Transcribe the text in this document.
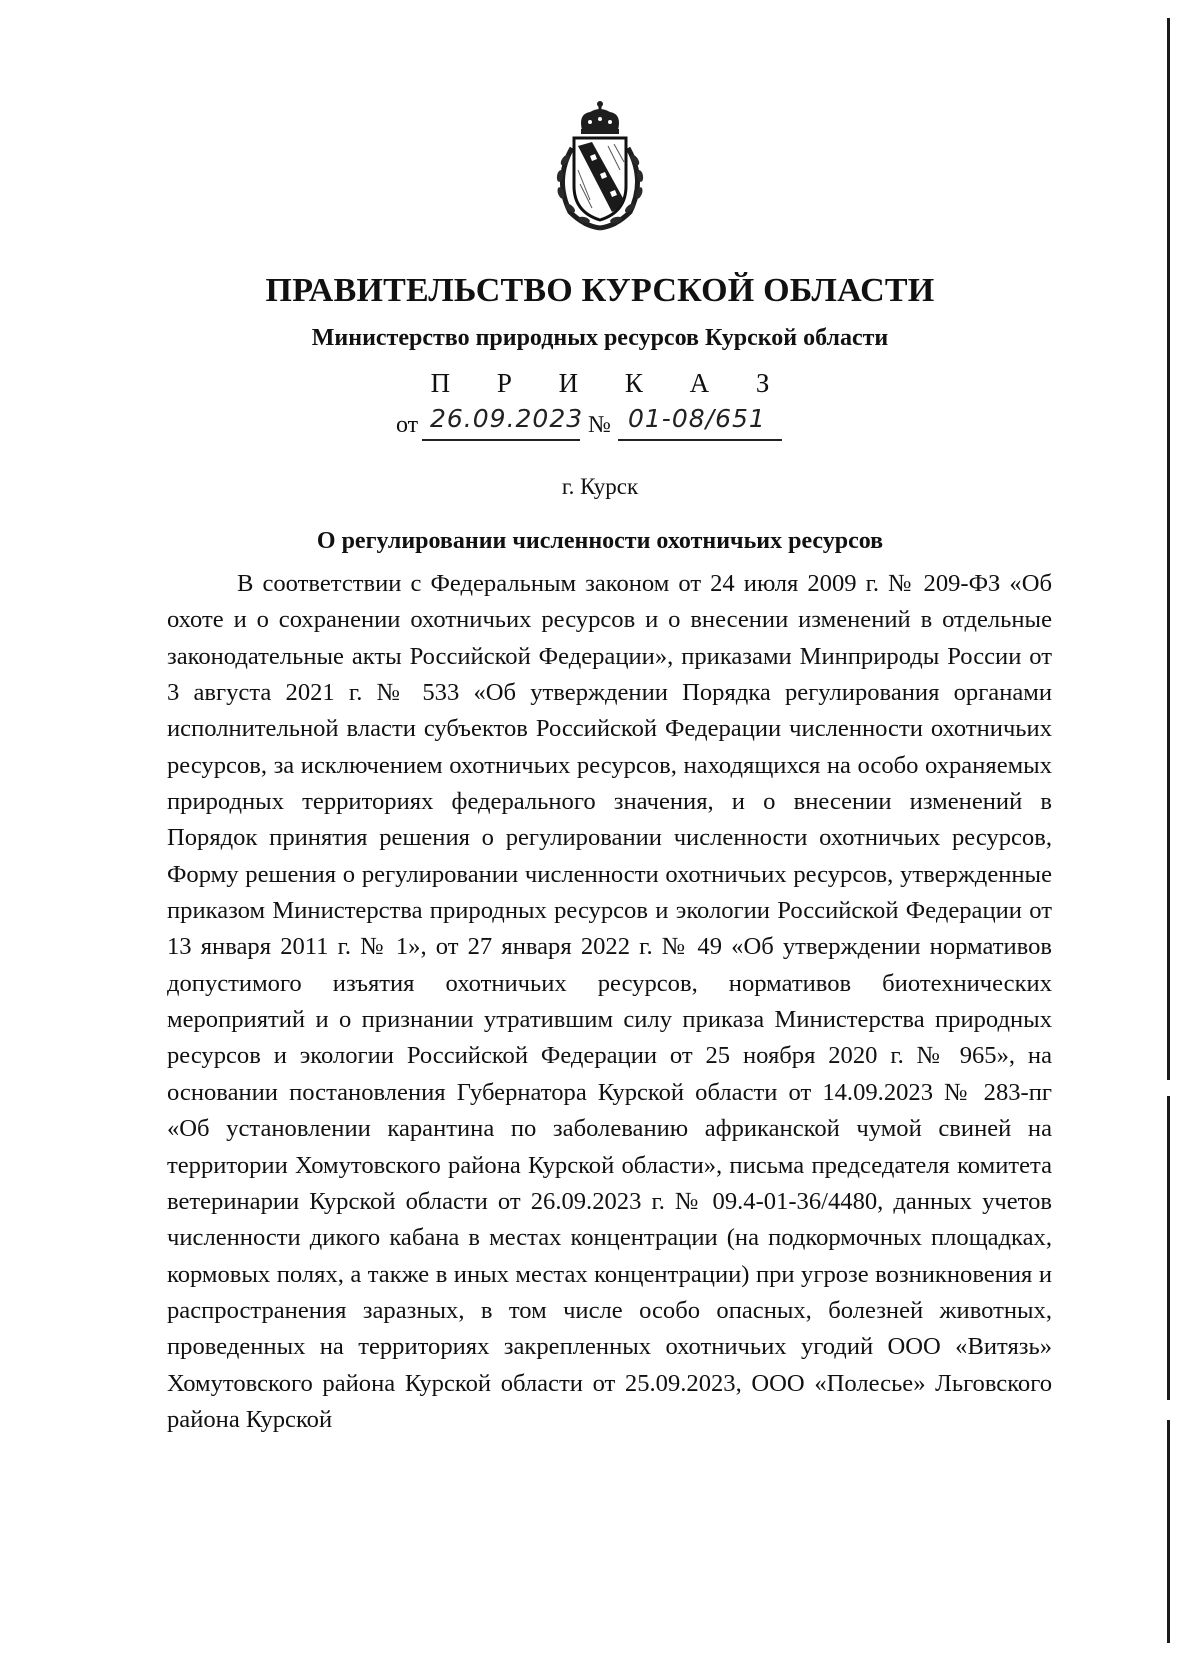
ПРАВИТЕЛЬСТВО КУРСКОЙ ОБЛАСТИ
Министерство природных ресурсов Курской области
П Р И К А З
от 26.09.2023 № 01-08/651
г. Курск
О регулировании численности охотничьих ресурсов

В соответствии с Федеральным законом от 24 июля 2009 г. № 209-ФЗ «Об охоте и о сохранении охотничьих ресурсов и о внесении изменений в отдельные законодательные акты Российской Федерации», приказами Минприроды России от 3 августа 2021 г. № 533 «Об утверждении Порядка регулирования органами исполнительной власти субъектов Российской Федерации численности охотничьих ресурсов, за исключением охотничьих ресурсов, находящихся на особо охраняемых природных территориях федерального значения, и о внесении изменений в Порядок принятия решения о регулировании численности охотничьих ресурсов, Форму решения о регулировании численности охотничьих ресурсов, утвержденные приказом Министерства природных ресурсов и экологии Российской Федерации от 13 января 2011 г. № 1», от 27 января 2022 г. № 49 «Об утверждении нормативов допустимого изъятия охотничьих ресурсов, нормативов биотехнических мероприятий и о признании утратившим силу приказа Министерства природных ресурсов и экологии Российской Федерации от 25 ноября 2020 г. № 965», на основании постановления Губернатора Курской области от 14.09.2023 № 283-пг «Об установлении карантина по заболеванию африканской чумой свиней на территории Хомутовского района Курской области», письма председателя комитета ветеринарии Курской области от 26.09.2023 г. № 09.4-01-36/4480, данных учетов численности дикого кабана в местах концентрации (на подкормочных площадках, кормовых полях, а также в иных местах концентрации) при угрозе возникновения и распространения заразных, в том числе особо опасных, болезней животных, проведенных на территориях закрепленных охотничьих угодий ООО «Витязь» Хомутовского района Курской области от 25.09.2023, ООО «Полесье» Льговского района Курской
